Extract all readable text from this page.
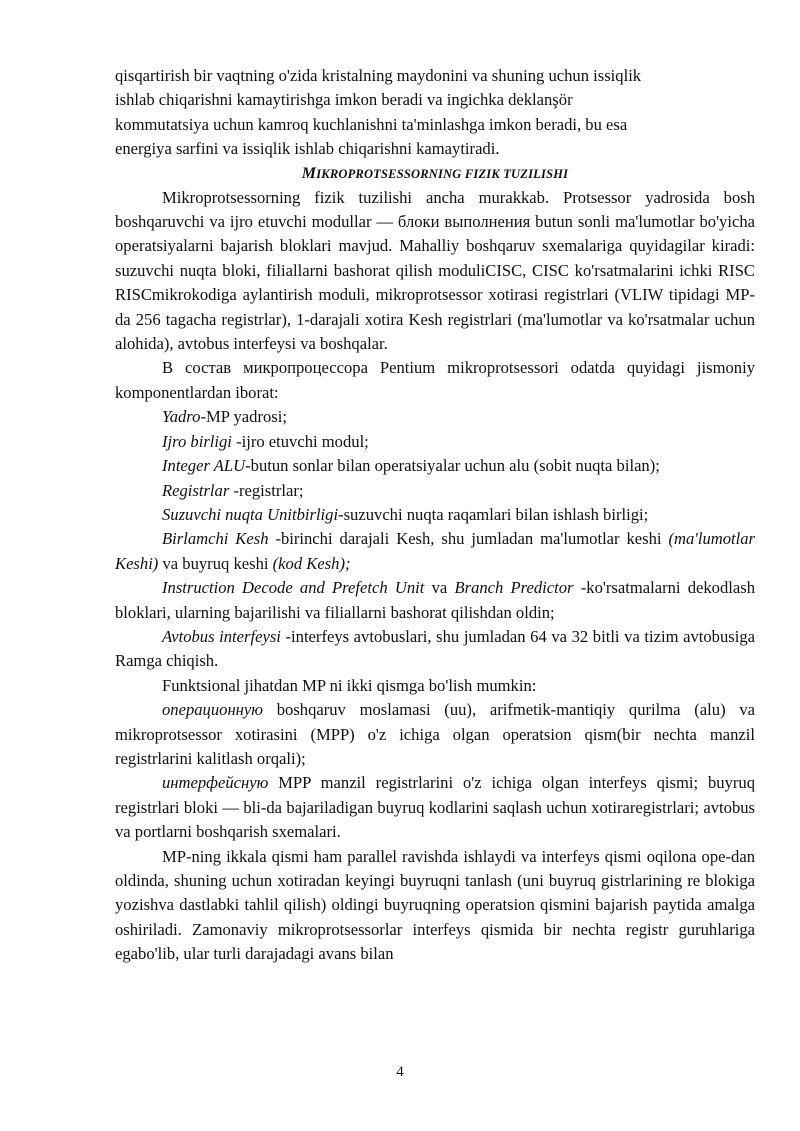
qisqartirish bir vaqtning o'zida kristalning maydonini va shuning uchun issiqlik
ishlab chiqarishni kamaytirishga imkon beradi va ingichka deklanşör
kommutatsiya uchun kamroq kuchlanishni ta'minlashga imkon beradi, bu esa
energiya sarfini va issiqlik ishlab chiqarishni kamaytiradi.

MIKROPROTSESSORNING FIZIK TUZILISHI

Mikroprotsessorning fizik tuzilishi ancha murakkab. Protsessor yadrosida bosh boshqaruvchi va ijro etuvchi modullar — блоки выполнения butun sonli ma'lumotlar bo'yicha operatsiyalarni bajarish bloklari mavjud. Mahalliy boshqaruv sxemalariga quyidagilar kiradi: suzuvchi nuqta bloki, filiallarni bashorat qilish moduliCISC, CISC ko'rsatmalarini ichki RISC RISCmikrokodiga aylantirish moduli, mikroprotsessor xotirasi registrlari (VLIW tipidagi MP-da 256 tagacha registrlar), 1-darajali xotira Kesh registrlari (ma'lumotlar va ko'rsatmalar uchun alohida), avtobus interfeysi va boshqalar.

В состав микропроцессора Pentium mikroprotsessori odatda quyidagi jismoniy komponentlardan iborat:

Yadro-MP yadrosi;

Ijro birligi -ijro etuvchi modul;

Integer ALU-butun sonlar bilan operatsiyalar uchun alu (sobit nuqta bilan);

Registrlar -registrlar;

Suzuvchi nuqta Unitbirligi-suzuvchi nuqta raqamlari bilan ishlash birligi;

Birlamchi Kesh -birinchi darajali Kesh, shu jumladan ma'lumotlar keshi (ma'lumotlar Keshi) va buyruq keshi (kod Kesh);

Instruction Decode and Prefetch Unit va Branch Predictor -ko'rsatmalarni dekodlash bloklari, ularning bajarilishi va filiallarni bashorat qilishdan oldin;

Avtobus interfeysi -interfeys avtobuslari, shu jumladan 64 va 32 bitli va tizim avtobusiga Ramga chiqish.

Funktsional jihatdan MP ni ikki qismga bo'lish mumkin:

операционную boshqaruv moslamasi (uu), arifmetik-mantiqiy qurilma (alu) va mikroprotsessor xotirasini (MPP) o'z ichiga olgan operatsion qism(bir nechta manzil registrlarini kalitlash orqali);

интерфейсную MPP manzil registrlarini o'z ichiga olgan interfeys qismi; buyruq registrlari bloki — bli-da bajariladigan buyruq kodlarini saqlash uchun xotiraregistrlari; avtobus va portlarni boshqarish sxemalari.

MP-ning ikkala qismi ham parallel ravishda ishlaydi va interfeys qismi oqilona ope-dan oldinda, shuning uchun xotiradan keyingi buyruqni tanlash (uni buyruq gistrlarining re blokiga yozishva dastlabki tahlil qilish) oldingi buyruqning operatsion qismini bajarish paytida amalga oshiriladi. Zamonaviy mikroprotsessorlar interfeys qismida bir nechta registr guruhlariga egabo'lib, ular turli darajadagi avans bilan

4
